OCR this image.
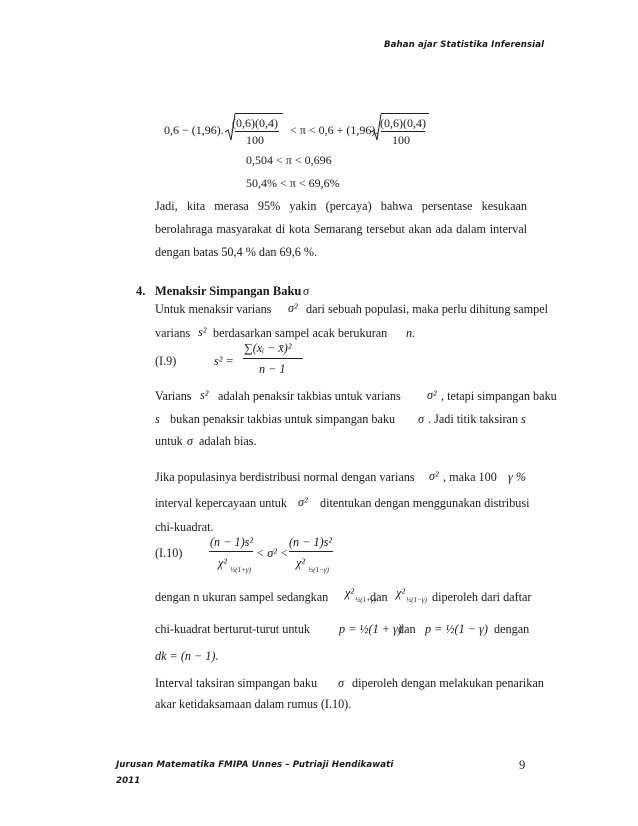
Bahan ajar Statistika Inferensial
0,6 − (1,96). (0,6)(0,4)
100
< π < 0,6 + (1,96). (0,6)(0,4)
100
0,504 < π < 0,696
50,4% < π < 69,6%
Jadi, kita merasa 95% yakin (percaya) bahwa persentase kesukaan
berolahraga masyarakat di kota Semarang tersebut akan ada dalam interval
dengan batas 50,4 % dan 69,6 %.
4. Menaksir Simpangan Baku σ
Untuk menaksir varians σ² dari sebuah populasi, maka perlu dihitung sampel
varians s² berdasarkan sampel acak berukuran n.
(I.9)	s² =
∑(xᵢ − x̄)²
n − 1
Varians s² adalah penaksir takbias untuk varians σ² , tetapi simpangan baku
s bukan penaksir takbias untuk simpangan baku σ . Jadi titik taksiran s
untuk σ adalah bias.
Jika populasinya berdistribusi normal dengan varians σ² , maka 100 γ %
interval kepercayaan untuk σ² ditentukan dengan menggunakan distribusi
chi-kuadrat.
(I.10)
(n − 1)s²
χ² ½(1+γ)
< σ² <
(n − 1)s²
χ² ½(1−γ)
dengan n ukuran sampel sedangkan χ² ½(1+γ)
dan χ² ½(1−γ) diperoleh dari daftar
chi-kuadrat berturut-turut untuk p = ½(1 + γ)
dan p = ½(1 − γ) dengan
dk = (n − 1).
Interval taksiran simpangan baku σ diperoleh dengan melakukan penarikan
akar ketidaksamaan dalam rumus (I.10).
Jurusan Matematika FMIPA Unnes – Putriaji Hendikawati
2011
9
